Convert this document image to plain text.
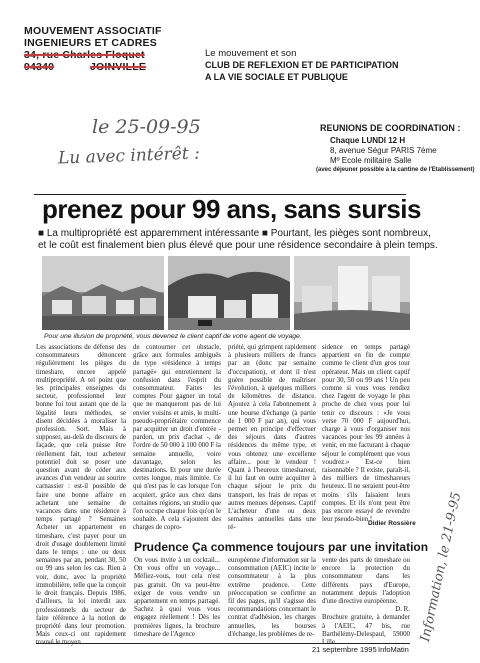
MOUVEMENT ASSOCIATIF
INGENIEURS ET CADRES
34, rue Charles Floquet
94340	JOINVILLE
Le mouvement et son
CLUB DE REFLEXION ET DE PARTICIPATION
A LA VIE SOCIALE ET PUBLIQUE
le 25-09-95
Lu avec intérêt :
REUNIONS DE COORDINATION :
Chaque LUNDI 12 H
8, avenue Ségur PARIS 7ème
Mº Ecole militaire Salle
(avec déjeuner possible à la cantine de l'Etablissement)
prenez pour 99 ans, sans sursis
■ La multipropriété est apparemment intéressante ■ Pourtant, les pièges sont nombreux,
et le coût est finalement bien plus élevé que pour une résidence secondaire à plein temps.
Pour une illusion de propriété, vous devenez le client captif de votre agent de voyage.

Les associations de défense des consommateurs dénoncent régulièrement les pièges du timeshare, encore appelé multipropriété. A tel point que les principales enseignes du secteur, professionnel leur bonne foi tout autant que de la légalité leurs méthodes, se disent décidées à moraliser la profession. Sort. Mais à supposer, au-delà du discours de façade, que cela puisse être réellement fait, tout acheteur potentiel doit se poser une question avant de céder aux avances d'un vendeur au sourire carnassier : est-il possible de faire une bonne affaire en achetant une semaine de vacances dans une résidence à temps partagé ? Semaines Acheter un appartement en timeshare, c'est payer pour un droit d'usage doublement limité dans le temps : une ou deux semaines par an, pendant 30, 50 ou 99 ans selon les cas. Rien à voir, donc, avec la propriété immobilière, telle que la conçoit le droit français. Depuis 1986, d'ailleurs, la loi interdit aux professionnels du secteur de faire référence à la notion de propriété dans leur promotion. Mais ceux-ci ont rapidement

de contourner cet obstacle, grâce aux formules ambiguës de type «résidence à temps partagé» qui entretiennent la confusion dans l'esprit du consommateur. Faites les comptes Pour gagner un total que ne manqueront pas de lui envier voisins et amis, le multi-pseudo-propriétaire commence par acquitter un droit d'entrée - pardon, un prix d'achat -, de l'ordre de 50 000 à 100 000 F la semaine annuelle, voire davantage, selon les destinations. Et pour une durée certes longue, mais limitée. Ce qui n'est pas le cas lorsque l'on acquiert, grâce aux chez dans certaines régions, un studio que l'on occupe chaque fois qu'on le souhaite. A cela s'ajoutent des charges de copro-

priété, qui grimpent rapidement à plusieurs milliers de francs par an (donc par semaine d'occupation), et dont il n'est guère possible de maîtriser l'évolution, à quelques milliers de kilomètres de distance. Ajoutez à cela l'abonnement à une bourse d'échange (à partie de 1 000 F par an), qui vous permet en principe d'effectuer des séjours dans d'autres résidences du même type, et vous obtenez une excellente affaire... pour le vendeur ! Quant à l'heureux timeshareur, il lui faut en outre acquitter à chaque séjour le prix du transport, les frais de repas et autres menues dépenses. Captif L'acheteur d'une ou deux semaines annuelles dans une ré-

sidence en temps partagé appartient en fin de compte comme le client d'un gros tour opérateur. Mais un client captif pour 30, 50 ou 99 ans ! Un peu comme si vous vous rendiez chez l'agent de voyage le plus proche de chez vous pour lui tenir ce discours : «Je vous verse 70 000 F aujourd'hui, charge à vous d'organiser nos vacances pour les 99 années à venir, en me facturant à chaque séjour le complément que vous voudrez.» Est-ce bien raisonnable ? Il existe, paraît-il, des milliers de timeshareurs heureux. Il ne seraient peut-être moins s'ils faisaient leurs comptes. Et ils n'ont peut être pas encore essayé de revendre leur pseudo-bien !

Didier Rossière
Prudence Ça commence toujours par une invitation

On vous invite à un cocktail... On vous offre un voyage... Méfiez-vous, tout cela n'est pas gratuit. On va peut-être exiger de vous vendre un appartement en temps partagé. Sachez à quoi vous vous engagez réellement ! Dès les premières lignes, la brochure timeshare de l'Agence

européenne d'information sur la consommation (AEIC) incite le consommateur à la plus extrême prudence. Cette préoccupation se confirme au fil des pages, qu'il s'agisse des recommandations concernant le contrat d'adhésion, les charges annuelles, les bourses d'échange, les problèmes de re-

vente des parts de timeshare ou encore la protection du consommateur dans les différents pays d'Europe, notamment depuis l'adoption d'une directive européenne.

D. R.

Brochure gratuite, à demander à l'AEIC, 47 bis, rue Barthélémy-Delespaul, 59000 Information, le 21-9-95
21 septembre 1995 InfoMatin
